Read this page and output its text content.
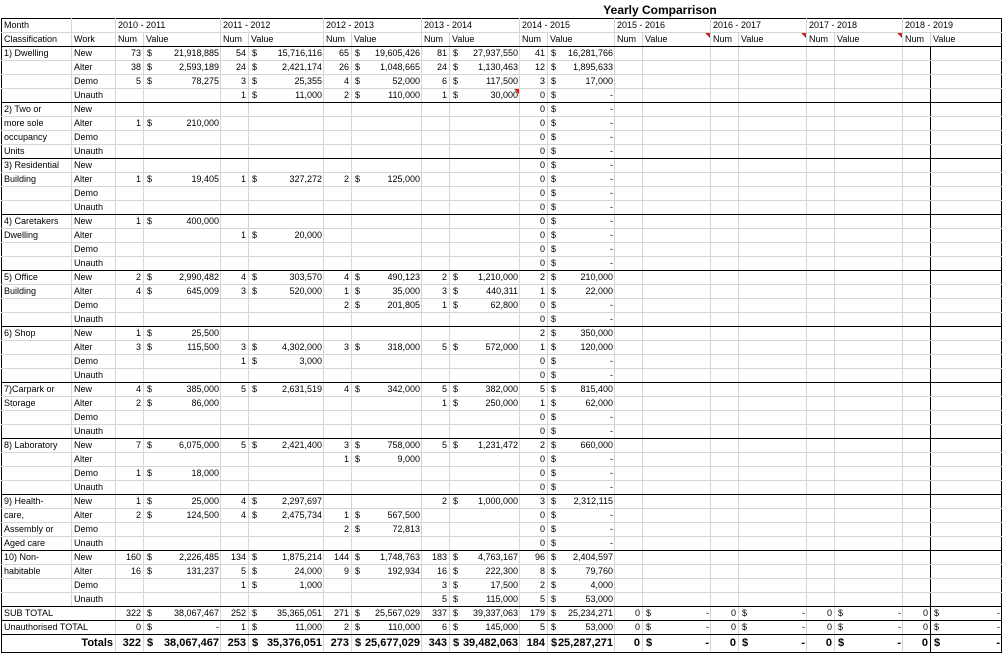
Yearly Comparrison
Month		2010 - 2011		2011 - 2012		2012 - 2013		2013 - 2014		2014 - 2015		2015 - 2016		2016 - 2017		2017 - 2018		2018 - 2019	
Classification	Work	Num	Value	Num	Value	Num	Value	Num	Value	Num	Value	Num	Value	Num	Value	Num	Value	Num	Value
1) Dwelling	New	73	$ 21,918,885	54	$ 15,716,116	65	$ 19,605,426	81	$ 27,937,550	41	$ 16,281,766								

	Alter	38	$ 2,593,189	24	$ 2,421,174	26	$ 1,048,665	24	$ 1,130,463	12	$ 1,895,633								

	Demo	5	$ 78,275	3	$ 25,355	4	$ 52,000	6	$ 117,500	3	$ 17,000								

	Unauth			1	$ 11,000	2	$ 110,000	1	$ 30,000	0	$ -								

2) Two or	New									0	$ -								

more sole	Alter	1	$ 210,000							0	$ -								

occupancy	Demo									0	$ -								

Units	Unauth									0	$ -								

3) Residential	New									0	$ -								

Building	Alter	1	$ 19,405	1	$ 327,272	2	$ 125,000			0	$ -								

	Demo									0	$ -								

	Unauth									0	$ -								

4) Caretakers	New	1	$ 400,000							0	$ -								

Dwelling	Alter			1	$ 20,000					0	$ -								

	Demo									0	$ -								

	Unauth									0	$ -								

5) Office	New	2	$ 2,990,482	4	$ 303,570	4	$ 490,123	2	$ 1,210,000	2	$ 210,000								

Building	Alter	4	$ 645,009	3	$ 520,000	1	$ 35,000	3	$ 440,311	1	$ 22,000								

	Demo					2	$ 201,805	1	$ 62,800	0	$ -								

	Unauth									0	$ -								

6) Shop	New	1	$ 25,500							2	$ 350,000								

	Alter	3	$ 115,500	3	$ 4,302,000	3	$ 318,000	5	$ 572,000	1	$ 120,000								

	Demo			1	$ 3,000					0	$ -								

	Unauth									0	$ -								

7)Carpark or	New	4	$ 385,000	5	$ 2,631,519	4	$ 342,000	5	$ 382,000	5	$ 815,400								

Storage	Alter	2	$ 86,000					1	$ 250,000	1	$ 62,000								

	Demo									0	$ -								

	Unauth									0	$ -								

8) Laboratory	New	7	$ 6,075,000	5	$ 2,421,400	3	$ 758,000	5	$ 1,231,472	2	$ 660,000								

	Alter					1	$ 9,000			0	$ -								

	Demo	1	$ 18,000							0	$ -								

	Unauth									0	$ -								

9) Health-	New	1	$ 25,000	4	$ 2,297,697			2	$ 1,000,000	3	$ 2,312,115								

care,	Alter	2	$ 124,500	4	$ 2,475,734	1	$ 567,500			0	$ -								

Assembly or	Demo					2	$ 72,813			0	$ -								

Aged care	Unauth									0	$ -								

10) Non-	New	160	$ 2,226,485	134	$ 1,875,214	144	$ 1,748,763	183	$ 4,763,167	96	$ 2,404,597								

habitable	Alter	16	$ 131,237	5	$ 24,000	9	$ 192,934	16	$ 222,300	8	$ 79,760								

	Demo			1	$ 1,000			3	$ 17,500	2	$ 4,000								

	Unauth							5	$ 115,000	5	$ 53,000								

SUB TOTAL		322	$ 38,067,467	252	$ 35,365,051	271	$ 25,567,029	337	$ 39,337,063	179	$ 25,234,271	0	$ -	0	$ -	0	$ -	0	$ -

Unauthorised TOTAL		0	$ -	1	$ 11,000	2	$ 110,000	6	$ 145,000	5	$ 53,000	0	$ -	0	$ -	0	$ -	0	$ -

Totals		322	$ 38,067,467	253	$ 35,376,051	273	$ 25,677,029	343	$ 39,482,063	184	$ 25,287,271	0	$ -	0	$ -	0	$ -	0	$ -
